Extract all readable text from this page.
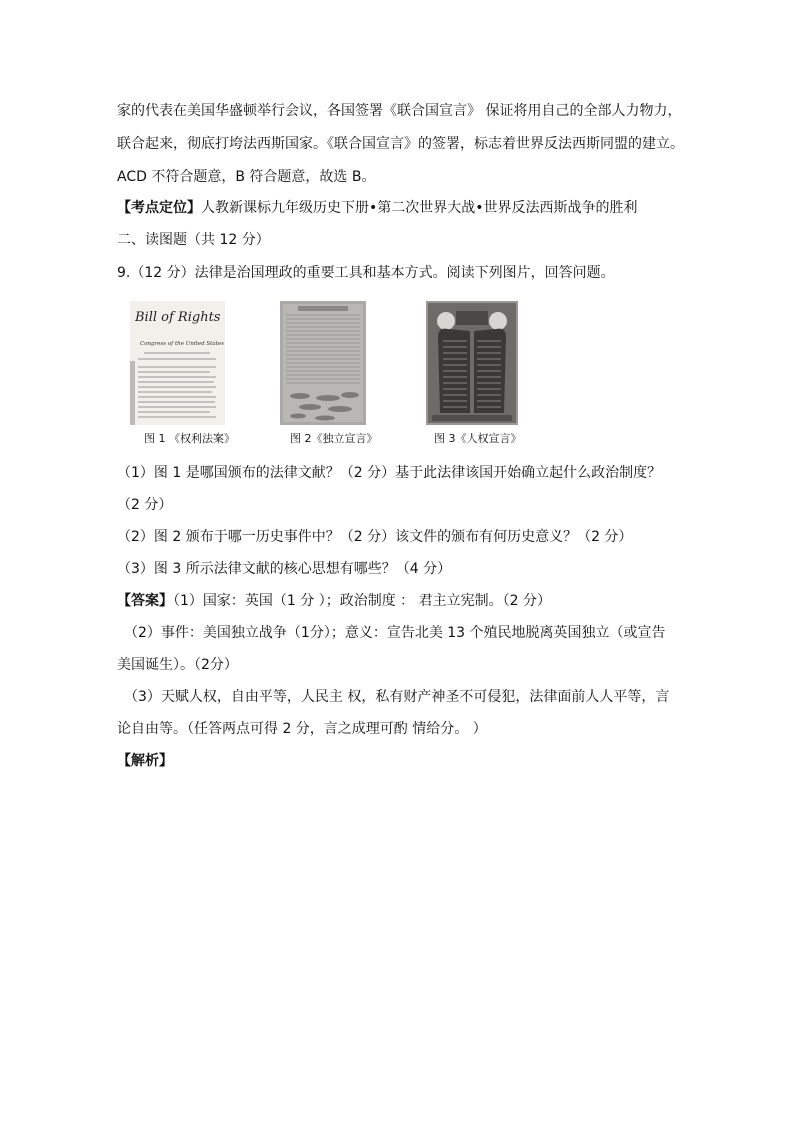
家的代表在美国华盛顿举行会议，各国签署《联合国宣言》 保证将用自己的全部人力物力，
联合起来，彻底打垮法西斯国家。《联合国宣言》的签署，标志着世界反法西斯同盟的建立。
ACD 不符合题意，B 符合题意，故选 B。
【考点定位】人教新课标九年级历史下册•第二次世界大战•世界反法西斯战争的胜利
二、读图题（共 12 分）
9.（12 分）法律是治国理政的重要工具和基本方式。阅读下列图片，回答问题。
Bill of Rights
Congress of the United States
图 1 《权利法案》	图 2《独立宣言》	图 3《人权宣言》
（1）图 1 是哪国颁布的法律文献？（2 分）基于此法律该国开始确立起什么政治制度？
（2 分）
（2）图 2 颁布于哪一历史事件中？（2 分）该文件的颁布有何历史意义？（2 分）
（3）图 3 所示法律文献的核心思想有哪些？（4 分）
【答案】（1）国家：英国（1 分 ）；政治制度 ： 君主立宪制。（2 分）
（2）事件：美国独立战争（1分）；意义：宣告北美 13 个殖民地脱离英国独立（或宣告
美国诞生）。（2分）
（3）天赋人权，自由平等，人民主 权，私有财产神圣不可侵犯，法律面前人人平等，言
论自由等。（任答两点可得 2 分，言之成理可酌 情给分。 ）
【解析】
